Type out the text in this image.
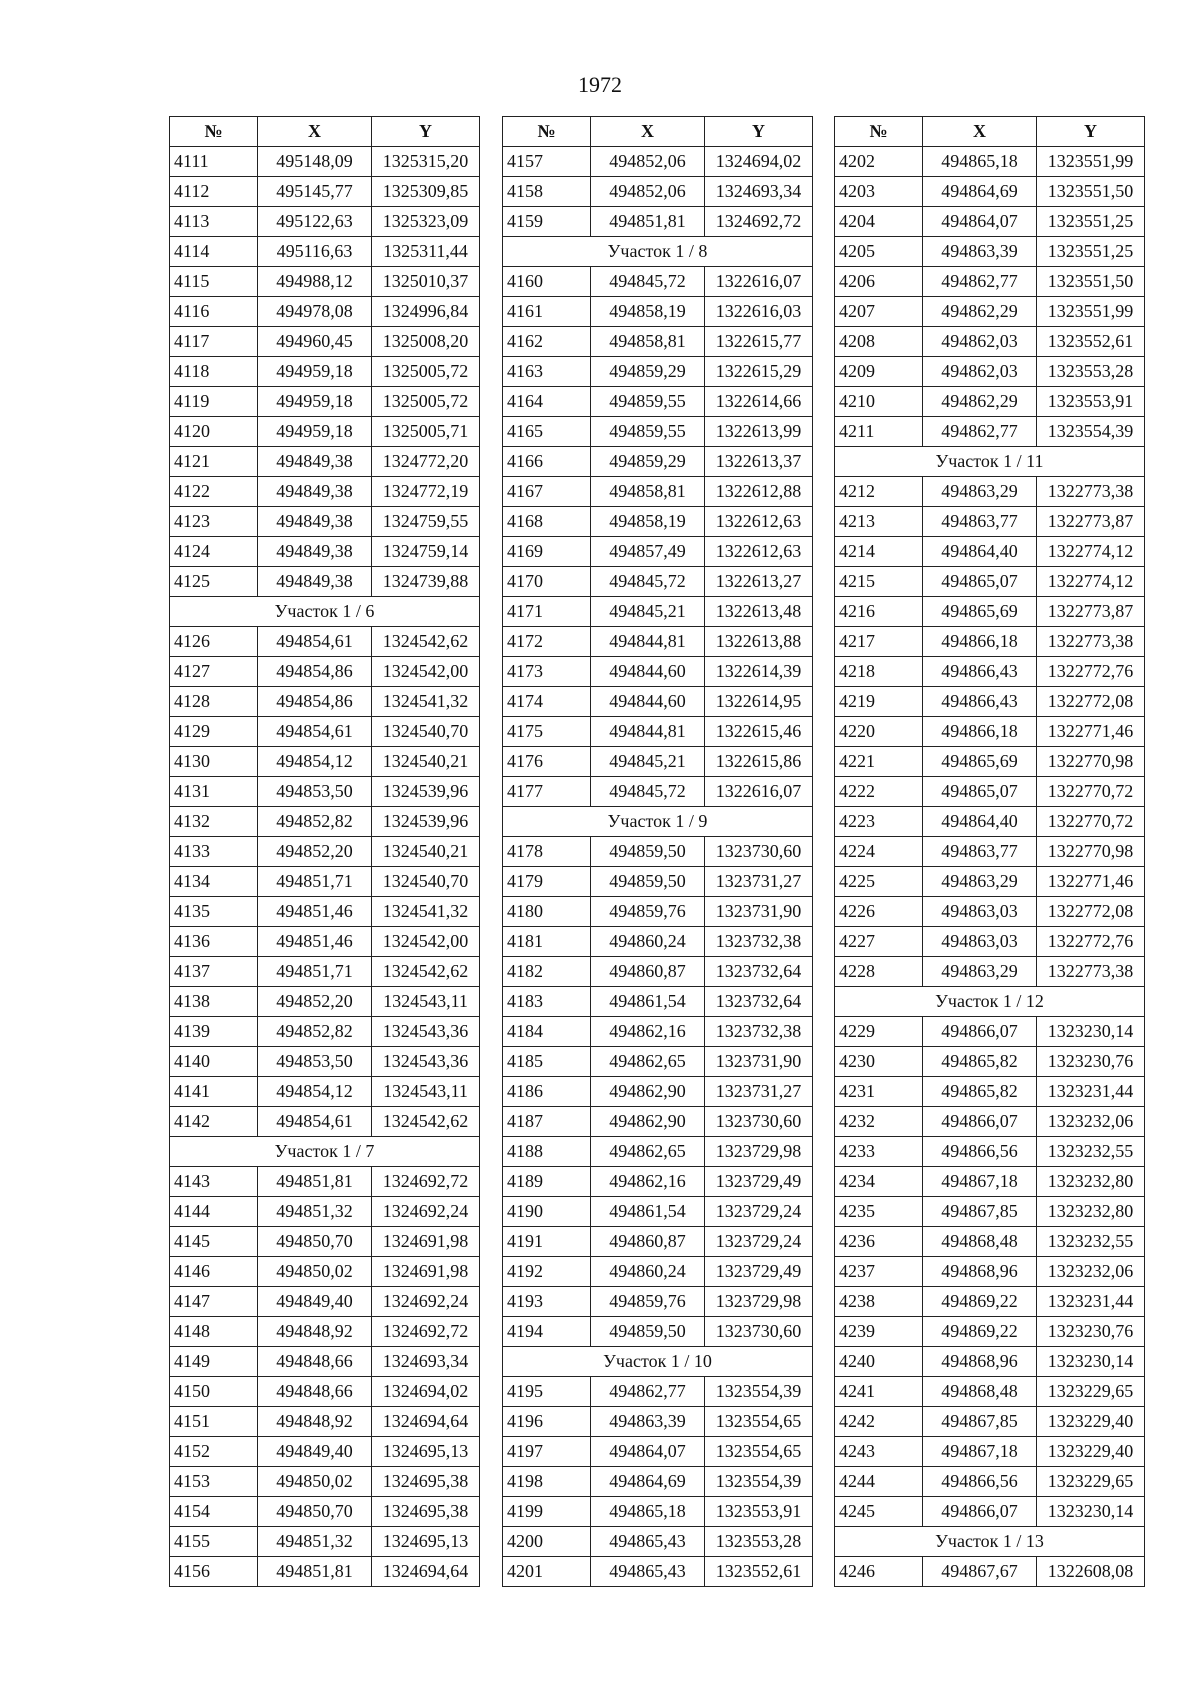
1972
№	X	Y
4111	495148,09	1325315,20
4112	495145,77	1325309,85
4113	495122,63	1325323,09
4114	495116,63	1325311,44
4115	494988,12	1325010,37
4116	494978,08	1324996,84
4117	494960,45	1325008,20
4118	494959,18	1325005,72
4119	494959,18	1325005,72
4120	494959,18	1325005,71
4121	494849,38	1324772,20
4122	494849,38	1324772,19
4123	494849,38	1324759,55
4124	494849,38	1324759,14
4125	494849,38	1324739,88
Участок 1 / 6		
4126	494854,61	1324542,62
4127	494854,86	1324542,00
4128	494854,86	1324541,32
4129	494854,61	1324540,70
4130	494854,12	1324540,21
4131	494853,50	1324539,96
4132	494852,82	1324539,96
4133	494852,20	1324540,21
4134	494851,71	1324540,70
4135	494851,46	1324541,32
4136	494851,46	1324542,00
4137	494851,71	1324542,62
4138	494852,20	1324543,11
4139	494852,82	1324543,36
4140	494853,50	1324543,36
4141	494854,12	1324543,11
4142	494854,61	1324542,62
Участок 1 / 7		
4143	494851,81	1324692,72
4144	494851,32	1324692,24
4145	494850,70	1324691,98
4146	494850,02	1324691,98
4147	494849,40	1324692,24
4148	494848,92	1324692,72
4149	494848,66	1324693,34
4150	494848,66	1324694,02
4151	494848,92	1324694,64
4152	494849,40	1324695,13
4153	494850,02	1324695,38
4154	494850,70	1324695,38
4155	494851,32	1324695,13
4156	494851,81	1324694,64
№	X	Y
4157	494852,06	1324694,02
4158	494852,06	1324693,34
4159	494851,81	1324692,72
Участок 1 / 8		
4160	494845,72	1322616,07
4161	494858,19	1322616,03
4162	494858,81	1322615,77
4163	494859,29	1322615,29
4164	494859,55	1322614,66
4165	494859,55	1322613,99
4166	494859,29	1322613,37
4167	494858,81	1322612,88
4168	494858,19	1322612,63
4169	494857,49	1322612,63
4170	494845,72	1322613,27
4171	494845,21	1322613,48
4172	494844,81	1322613,88
4173	494844,60	1322614,39
4174	494844,60	1322614,95
4175	494844,81	1322615,46
4176	494845,21	1322615,86
4177	494845,72	1322616,07
Участок 1 / 9		
4178	494859,50	1323730,60
4179	494859,50	1323731,27
4180	494859,76	1323731,90
4181	494860,24	1323732,38
4182	494860,87	1323732,64
4183	494861,54	1323732,64
4184	494862,16	1323732,38
4185	494862,65	1323731,90
4186	494862,90	1323731,27
4187	494862,90	1323730,60
4188	494862,65	1323729,98
4189	494862,16	1323729,49
4190	494861,54	1323729,24
4191	494860,87	1323729,24
4192	494860,24	1323729,49
4193	494859,76	1323729,98
4194	494859,50	1323730,60
Участок 1 / 10		
4195	494862,77	1323554,39
4196	494863,39	1323554,65
4197	494864,07	1323554,65
4198	494864,69	1323554,39
4199	494865,18	1323553,91
4200	494865,43	1323553,28
4201	494865,43	1323552,61
№	X	Y
4202	494865,18	1323551,99
4203	494864,69	1323551,50
4204	494864,07	1323551,25
4205	494863,39	1323551,25
4206	494862,77	1323551,50
4207	494862,29	1323551,99
4208	494862,03	1323552,61
4209	494862,03	1323553,28
4210	494862,29	1323553,91
4211	494862,77	1323554,39
Участок 1 / 11		
4212	494863,29	1322773,38
4213	494863,77	1322773,87
4214	494864,40	1322774,12
4215	494865,07	1322774,12
4216	494865,69	1322773,87
4217	494866,18	1322773,38
4218	494866,43	1322772,76
4219	494866,43	1322772,08
4220	494866,18	1322771,46
4221	494865,69	1322770,98
4222	494865,07	1322770,72
4223	494864,40	1322770,72
4224	494863,77	1322770,98
4225	494863,29	1322771,46
4226	494863,03	1322772,08
4227	494863,03	1322772,76
4228	494863,29	1322773,38
Участок 1 / 12		
4229	494866,07	1323230,14
4230	494865,82	1323230,76
4231	494865,82	1323231,44
4232	494866,07	1323232,06
4233	494866,56	1323232,55
4234	494867,18	1323232,80
4235	494867,85	1323232,80
4236	494868,48	1323232,55
4237	494868,96	1323232,06
4238	494869,22	1323231,44
4239	494869,22	1323230,76
4240	494868,96	1323230,14
4241	494868,48	1323229,65
4242	494867,85	1323229,40
4243	494867,18	1323229,40
4244	494866,56	1323229,65
4245	494866,07	1323230,14
Участок 1 / 13		
4246	494867,67	1322608,08
